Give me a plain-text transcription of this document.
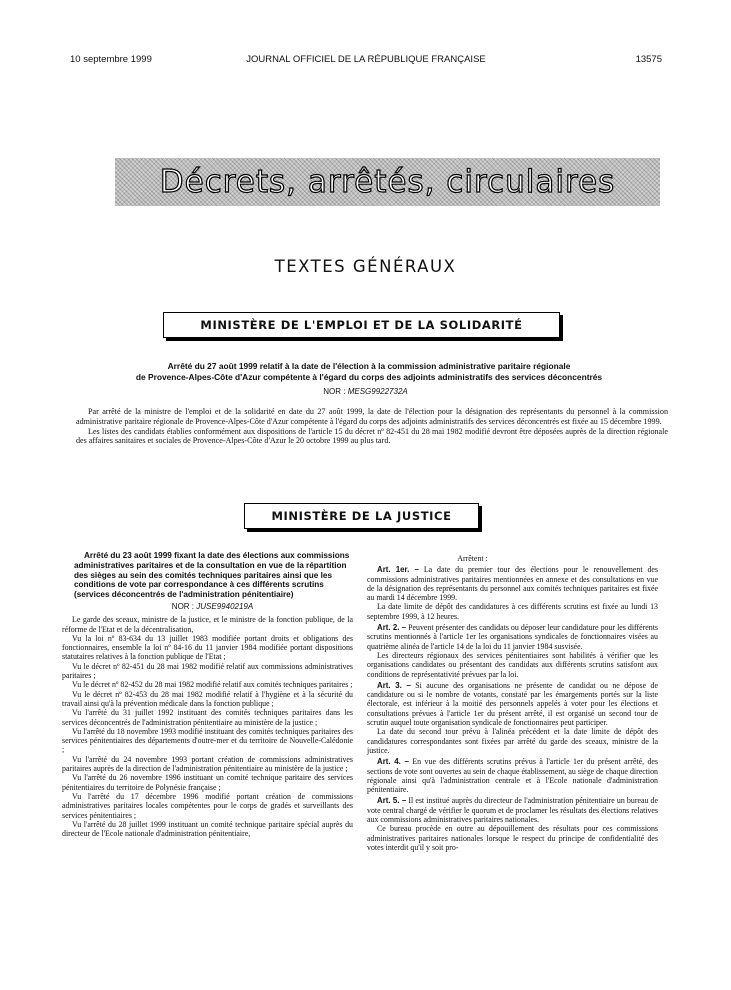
10 septembre 1999	JOURNAL OFFICIEL DE LA RÉPUBLIQUE FRANÇAISE	13575
Décrets, arrêtés, circulaires
TEXTES GÉNÉRAUX
MINISTÈRE DE L'EMPLOI ET DE LA SOLIDARITÉ
Arrêté du 27 août 1999 relatif à la date de l'élection à la commission administrative paritaire régionale
de Provence-Alpes-Côte d'Azur compétente à l'égard du corps des adjoints administratifs des services déconcentrés
NOR : MESG9922732A

Par arrêté de la ministre de l'emploi et de la solidarité en date du 27 août 1999, la date de l'élection pour la désignation des représentants du personnel à la commission administrative paritaire régionale de Provence-Alpes-Côte d'Azur compétente à l'égard du corps des adjoints administratifs des services déconcentrés est fixée au 15 décembre 1999.

Les listes des candidats établies conformément aux dispositions de l'article 15 du décret nº 82-451 du 28 mai 1982 modifié devront être déposées auprès de la direction régionale des affaires sanitaires et sociales de Provence-Alpes-Côte d'Azur le 20 octobre 1999 au plus tard.

MINISTÈRE DE LA JUSTICE

Arrêté du 23 août 1999 fixant la date des élections aux commissions administratives paritaires et de la consultation en vue de la répartition des sièges au sein des comités techniques paritaires ainsi que les conditions de vote par correspondance à ces différents scrutins (services déconcentrés de l'administration pénitentiaire)

NOR : JUSE9940219A

Le garde des sceaux, ministre de la justice, et le ministre de la fonction publique, de la réforme de l'Etat et de la décentralisation,

Vu la loi nº 83-634 du 13 juillet 1983 modifiée portant droits et obligations des fonctionnaires, ensemble la loi nº 84-16 du 11 janvier 1984 modifiée portant dispositions statutaires relatives à la fonction publique de l'Etat ;

Vu le décret nº 82-451 du 28 mai 1982 modifié relatif aux commissions administratives paritaires ;

Vu le décret nº 82-452 du 28 mai 1982 modifié relatif aux comités techniques paritaires ;

Vu le décret nº 82-453 du 28 mai 1982 modifié relatif à l'hygiène et à la sécurité du travail ainsi qu'à la prévention médicale dans la fonction publique ;

Vu l'arrêté du 31 juillet 1992 instituant des comités techniques paritaires dans les services déconcentrés de l'administration pénitentiaire au ministère de la justice ;

Vu l'arrêté du 18 novembre 1993 modifié instituant des comités techniques paritaires des services pénitentiaires des départements d'outre-mer et du territoire de Nouvelle-Calédonie ;

Vu l'arrêté du 24 novembre 1993 portant création de commissions administratives paritaires auprès de la direction de l'administration pénitentiaire au ministère de la justice ;

Vu l'arrêté du 26 novembre 1996 instituant un comité technique paritaire des services pénitentiaires du territoire de Polynésie française ;

Vu l'arrêté du 17 décembre 1996 modifié portant création de commissions administratives paritaires locales compétentes pour le corps de gradés et surveillants des services pénitentiaires ;

Vu l'arrêté du 28 juillet 1999 instituant un comité technique paritaire spécial auprès du directeur de l'Ecole nationale d'administration pénitentiaire,

Arrêtent :

Art. 1er. – La date du premier tour des élections pour le renouvellement des commissions administratives paritaires mentionnées en annexe et des consultations en vue de la désignation des représentants du personnel aux comités techniques paritaires est fixée au mardi 14 décembre 1999.

La date limite de dépôt des candidatures à ces différents scrutins est fixée au lundi 13 septembre 1999, à 12 heures.

Art. 2. – Peuvent présenter des candidats ou déposer leur candidature pour les différents scrutins mentionnés à l'article 1er les organisations syndicales de fonctionnaires visées au quatrième alinéa de l'article 14 de la loi du 11 janvier 1984 susvisée.

Les directeurs régionaux des services pénitentiaires sont habilités à vérifier que les organisations candidates ou présentant des candidats aux différents scrutins satisfont aux conditions de représentativité prévues par la loi.

Art. 3. – Si aucune des organisations ne présente de candidat ou ne dépose de candidature ou si le nombre de votants, constaté par les émargements portés sur la liste électorale, est inférieur à la moitié des personnels appelés à voter pour les élections et consultations prévues à l'article 1er du présent arrêté, il est organisé un second tour de scrutin auquel toute organisation syndicale de fonctionnaires peut participer.

La date du second tour prévu à l'alinéa précédent et la date limite de dépôt des candidatures correspondantes sont fixées par arrêté du garde des sceaux, ministre de la justice.

Art. 4. – En vue des différents scrutins prévus à l'article 1er du présent arrêté, des sections de vote sont ouvertes au sein de chaque établissement, au siège de chaque direction régionale ainsi qu'à l'administration centrale et à l'Ecole nationale d'administration pénitentiaire.

Art. 5. – Il est institué auprès du directeur de l'administration pénitentiaire un bureau de vote central chargé de vérifier le quorum et de proclamer les résultats des élections relatives aux commissions administratives paritaires nationales.

Ce bureau procède en outre au dépouillement des résultats pour ces commissions administratives paritaires nationales lorsque le respect du principe de confidentialité des votes interdit qu'il y soit pro-
